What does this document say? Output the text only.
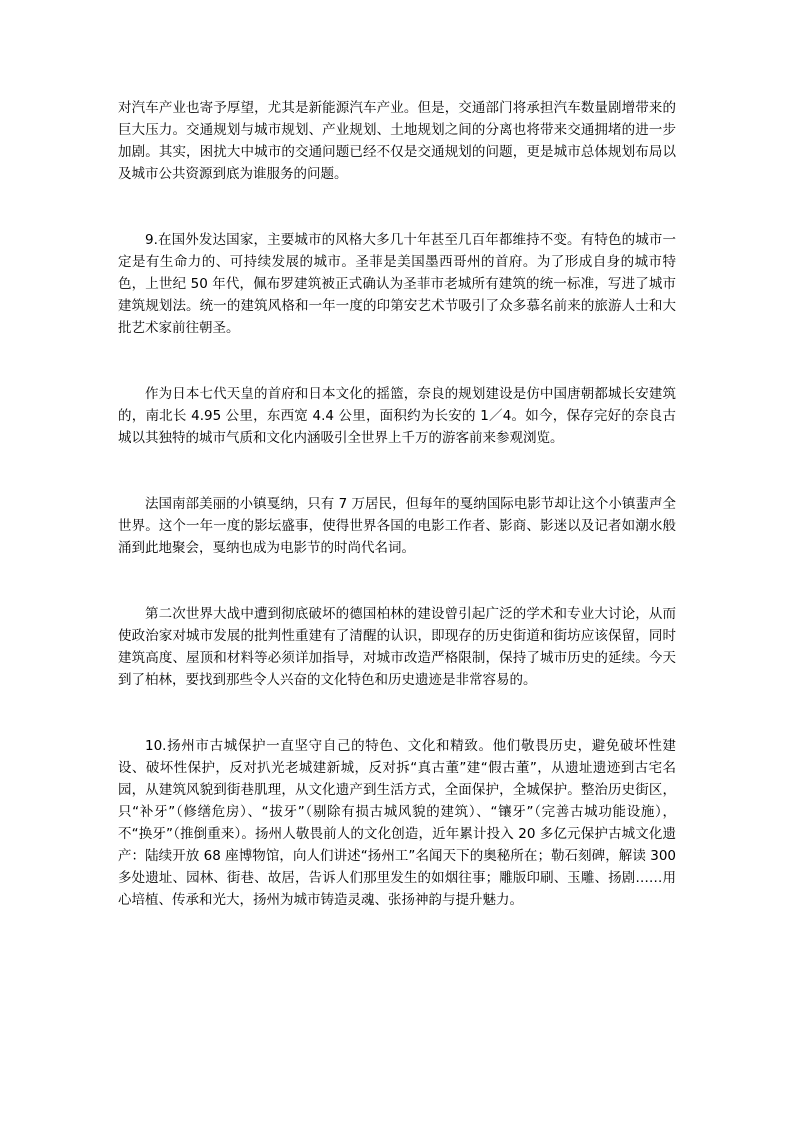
对汽车产业也寄予厚望，尤其是新能源汽车产业。但是，交通部门将承担汽车数量剧增带来的巨大压力。交通规划与城市规划、产业规划、土地规划之间的分离也将带来交通拥堵的进一步加剧。其实，困扰大中城市的交通问题已经不仅是交通规划的问题，更是城市总体规划布局以及城市公共资源到底为谁服务的问题。

9.在国外发达国家，主要城市的风格大多几十年甚至几百年都维持不变。有特色的城市一定是有生命力的、可持续发展的城市。圣菲是美国墨西哥州的首府。为了形成自身的城市特色，上世纪 50 年代，佩布罗建筑被正式确认为圣菲市老城所有建筑的统一标准，写进了城市建筑规划法。统一的建筑风格和一年一度的印第安艺术节吸引了众多慕名前来的旅游人士和大批艺术家前往朝圣。

作为日本七代天皇的首府和日本文化的摇篮，奈良的规划建设是仿中国唐朝都城长安建筑的，南北长 4.95 公里，东西宽 4.4 公里，面积约为长安的 1／4。如今，保存完好的奈良古城以其独特的城市气质和文化内涵吸引全世界上千万的游客前来参观浏览。

法国南部美丽的小镇戛纳，只有 7 万居民，但每年的戛纳国际电影节却让这个小镇蜚声全世界。这个一年一度的影坛盛事，使得世界各国的电影工作者、影商、影迷以及记者如潮水般涌到此地聚会，戛纳也成为电影节的时尚代名词。

第二次世界大战中遭到彻底破坏的德国柏林的建设曾引起广泛的学术和专业大讨论，从而使政治家对城市发展的批判性重建有了清醒的认识，即现存的历史街道和街坊应该保留，同时建筑高度、屋顶和材料等必须详加指导，对城市改造严格限制，保持了城市历史的延续。今天到了柏林，要找到那些令人兴奋的文化特色和历史遗迹是非常容易的。

10.扬州市古城保护一直坚守自己的特色、文化和精致。他们敬畏历史，避免破坏性建设、破坏性保护，反对扒光老城建新城，反对拆“真古董”建“假古董”，从遗址遗迹到古宅名园，从建筑风貌到街巷肌理，从文化遗产到生活方式，全面保护，全城保护。整治历史街区，只“补牙”（修缮危房）、“拔牙”（剔除有损古城风貌的建筑）、“镶牙”（完善古城功能设施），不“换牙”（推倒重来）。扬州人敬畏前人的文化创造，近年累计投入 20 多亿元保护古城文化遗产：陆续开放 68 座博物馆，向人们讲述“扬州工”名闻天下的奥秘所在；勒石刻碑，解读 300 多处遗址、园林、街巷、故居，告诉人们那里发生的如烟往事；雕版印刷、玉雕、扬剧……用心培植、传承和光大，扬州为城市铸造灵魂、张扬神韵与提升魅力。
